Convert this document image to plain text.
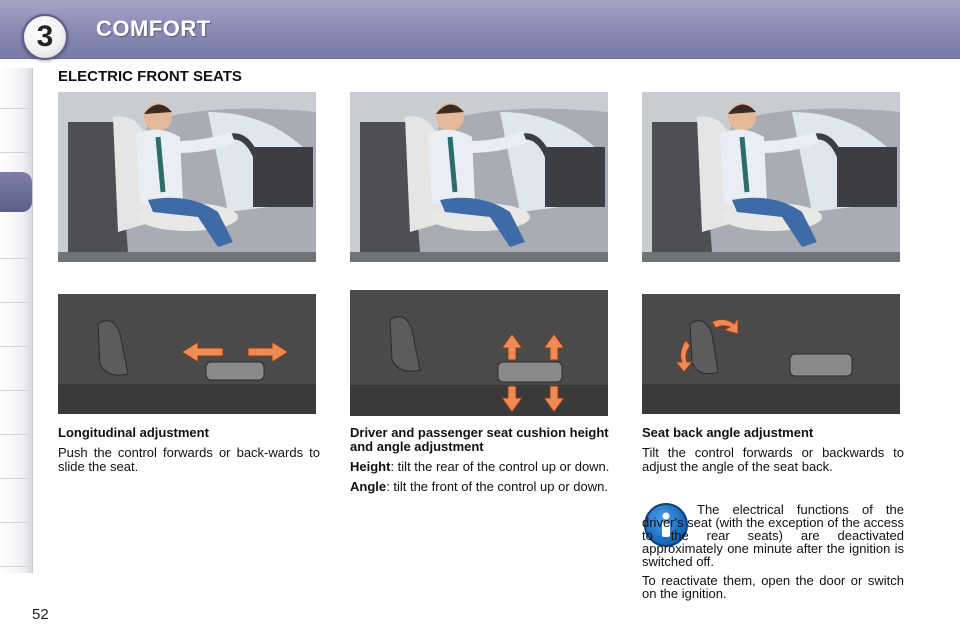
3	COMFORT
ELECTRIC FRONT SEATS
Longitudinal adjustment

Push the control forwards or back-wards to slide the seat.

Driver and passenger seat cushion height and angle adjustment

Height: tilt the rear of the control up or down.

Angle: tilt the front of the control up or down.

Seat back angle adjustment

Tilt the control forwards or backwards to adjust the angle of the seat back.

The electrical functions of the driver's seat (with the exception of the access to the rear seats) are deactivated approximately one minute after the ignition is switched off.

To reactivate them, open the door or switch on the ignition.

52
